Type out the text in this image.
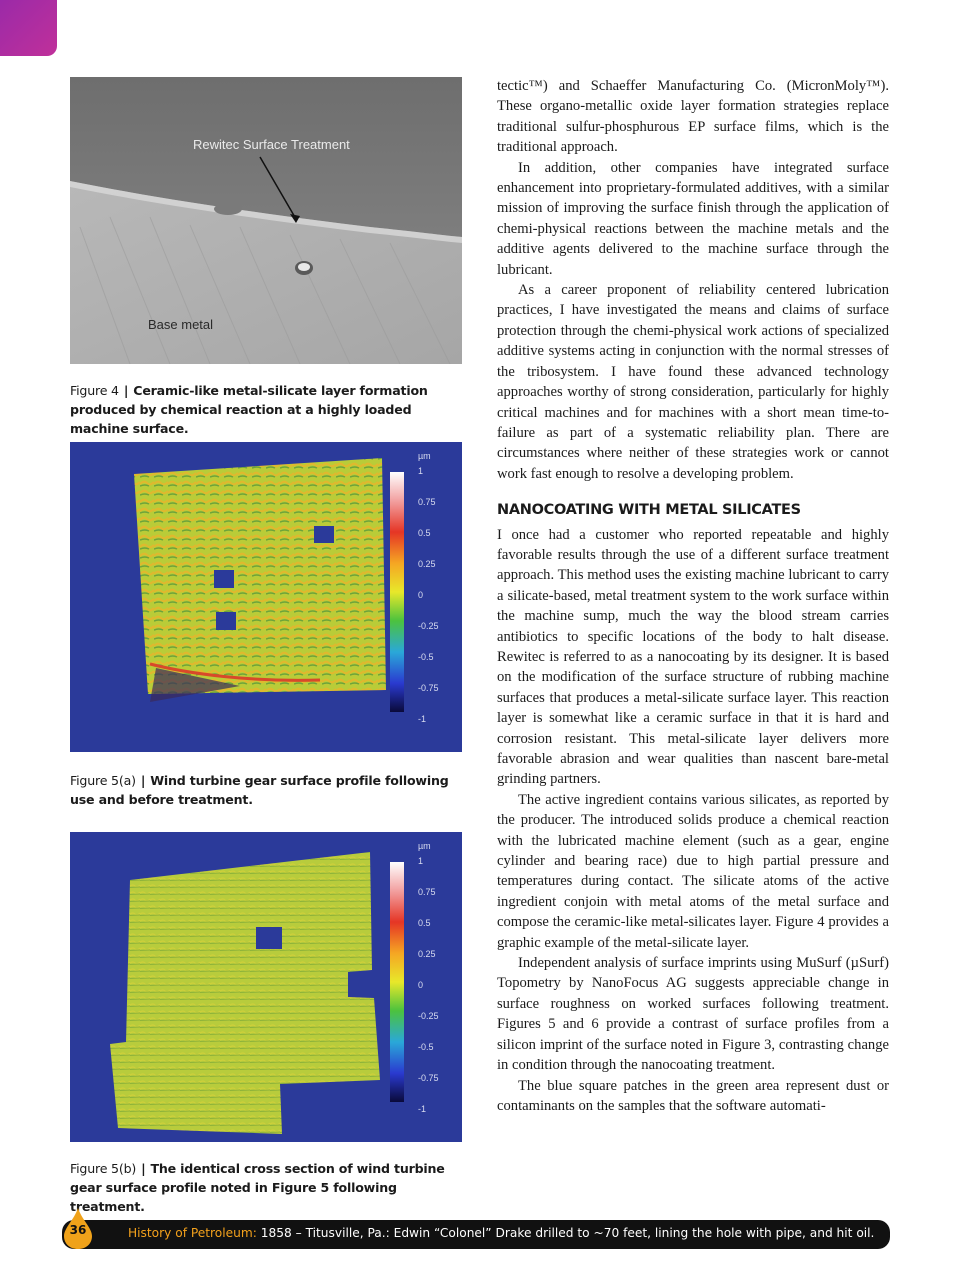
Rewitec Surface Treatment
Base metal
Figure 4 | Ceramic-like metal-silicate layer formation produced by chemical reaction at a highly loaded machine surface.
µm
1
0.75
0.5
0.25
0
-0.25
-0.5
-0.75
-1
Figure 5(a) | Wind turbine gear surface profile following use and before treatment.
µm
1
0.75
0.5
0.25
0
-0.25
-0.5
-0.75
-1
Figure 5(b) | The identical cross section of wind turbine gear surface profile noted in Figure 5 following treatment.

tectic™) and Schaeffer Manufacturing Co. (MicronMoly™). These organo-metallic oxide layer formation strategies replace traditional sulfur-phosphurous EP surface films, which is the traditional approach.

In addition, other companies have integrated surface enhancement into proprietary-formulated additives, with a similar mission of improving the surface finish through the application of chemi-physical reactions between the machine metals and the additive agents delivered to the machine surface through the lubricant.

As a career proponent of reliability centered lubrication practices, I have investigated the means and claims of surface protection through the chemi-physical work actions of specialized additive systems acting in conjunction with the normal stresses of the tribosystem. I have found these advanced technology approaches worthy of strong consideration, particularly for highly critical machines and for machines with a short mean time-to-failure as part of a systematic reliability plan. There are circumstances where neither of these strategies work or cannot work fast enough to resolve a developing problem.

NANOCOATING WITH METAL SILICATES

I once had a customer who reported repeatable and highly favorable results through the use of a different surface treatment approach. This method uses the existing machine lubricant to carry a silicate-based, metal treatment system to the work surface within the machine sump, much the way the blood stream carries antibiotics to specific locations of the body to halt disease. Rewitec is referred to as a nanocoating by its designer. It is based on the modification of the surface structure of rubbing machine surfaces that produces a metal-silicate surface layer. This reaction layer is somewhat like a ceramic surface in that it is hard and corrosion resistant. This metal-silicate layer delivers more favorable abrasion and wear qualities than nascent bare-metal grinding partners.

The active ingredient contains various silicates, as reported by the producer. The introduced solids produce a chemical reaction with the lubricated machine element (such as a gear, engine cylinder and bearing race) due to high partial pressure and temperatures during contact. The silicate atoms of the active ingredient conjoin with metal atoms of the metal surface and compose the ceramic-like metal-silicates layer. Figure 4 provides a graphic example of the metal-silicate layer.

Independent analysis of surface imprints using MuSurf (µSurf) Topometry by NanoFocus AG suggests appreciable change in surface roughness on worked surfaces following treatment. Figures 5 and 6 provide a contrast of surface profiles from a silicon imprint of the surface noted in Figure 3, contrasting change in condition through the nanocoating treatment.

The blue square patches in the green area represent dust or contaminants on the samples that the software automati-

36	History of Petroleum: 1858 – Titusville, Pa.: Edwin “Colonel” Drake drilled to ~70 feet, lining the hole with pipe, and hit oil.
